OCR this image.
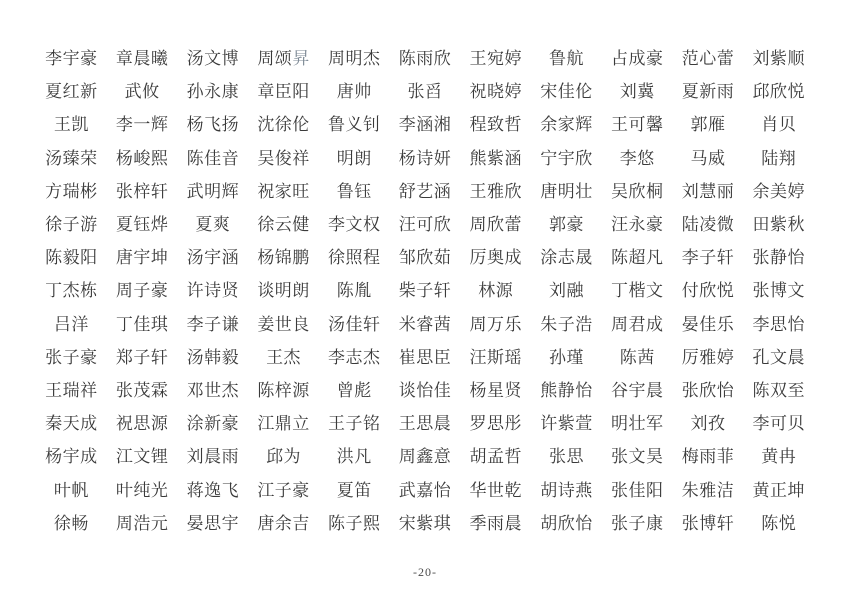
李宇豪	章晨曦	汤文博	周颂昇	周明杰	陈雨欣	王宛婷	鲁航	占成豪	范心蕾	刘紫顺
夏红新	武攸	孙永康	章臣阳	唐帅	张舀	祝晓婷	宋佳伦	刘冀	夏新雨	邱欣悦
王凯	李一辉	杨飞扬	沈徐伦	鲁义钊	李涵湘	程致哲	余家辉	王可馨	郭雁	肖贝
汤臻荣	杨峻熙	陈佳音	吴俊祥	明朗	杨诗妍	熊紫涵	宁宇欣	李悠	马威	陆翔
方瑞彬	张梓轩	武明辉	祝家旺	鲁钰	舒艺涵	王雅欣	唐明壮	吴欣桐	刘慧丽	余美婷
徐子游	夏钰烨	夏爽	徐云健	李文权	汪可欣	周欣蕾	郭豪	汪永豪	陆凌微	田紫秋
陈毅阳	唐宇坤	汤宇涵	杨锦鹏	徐照程	邹欣茹	厉奥成	涂志晟	陈超凡	李子轩	张静怡
丁杰栋	周子豪	许诗贤	谈明朗	陈胤	柴子轩	林源	刘融	丁楷文	付欣悦	张博文
吕洋	丁佳琪	李子谦	姜世良	汤佳轩	米睿茜	周万乐	朱子浩	周君成	晏佳乐	李思怡
张子豪	郑子轩	汤韩毅	王杰	李志杰	崔思臣	汪斯瑶	孙瑾	陈茜	厉雅婷	孔文晨
王瑞祥	张茂霖	邓世杰	陈梓源	曾彪	谈怡佳	杨星贤	熊静怡	谷宇晨	张欣怡	陈双至
秦天成	祝思源	涂新豪	江鼎立	王子铭	王思晨	罗思彤	许紫萱	明壮军	刘孜	李可贝
杨宇成	江文锂	刘晨雨	邱为	洪凡	周鑫意	胡孟哲	张思	张文昊	梅雨菲	黄冉
叶帆	叶纯光	蒋逸飞	江子豪	夏笛	武嘉怡	华世乾	胡诗燕	张佳阳	朱雅洁	黄正坤
徐畅	周浩元	晏思宇	唐余吉	陈子熙	宋紫琪	季雨晨	胡欣怡	张子康	张博轩	陈悦
-20-
